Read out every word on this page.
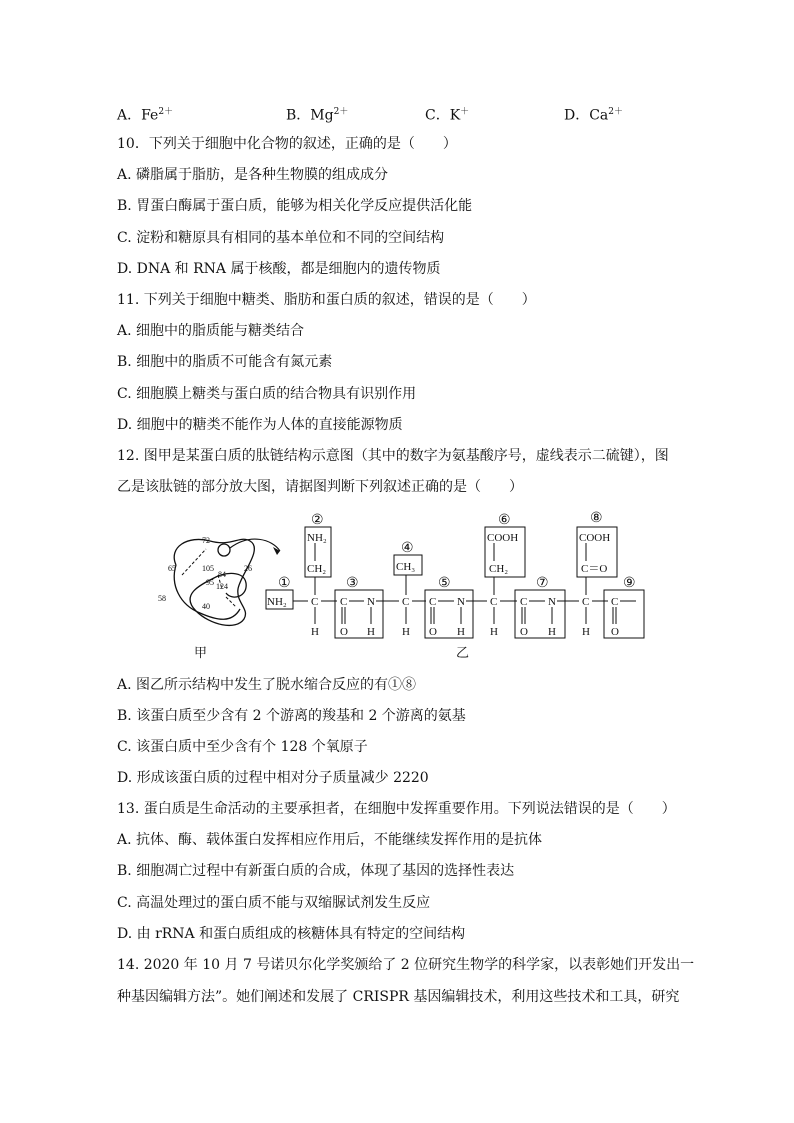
A．$Fe^{2+}$	B．$Mg^{2+}$	C．K＋	D．$Ca^{2+}$
10．下列关于细胞中化合物的叙述，正确的是（　　）
A. 磷脂属于脂肪，是各种生物膜的组成成分
B. 胃蛋白酶属于蛋白质，能够为相关化学反应提供活化能
C. 淀粉和糖原具有相同的基本单位和不同的空间结构
D. DNA 和 RNA 属于核酸，都是细胞内的遗传物质
11. 下列关于细胞中糖类、脂肪和蛋白质的叙述，错误的是（　　）
A. 细胞中的脂质能与糖类结合
B. 细胞中的脂质不可能含有氮元素
C. 细胞膜上糖类与蛋白质的结合物具有识别作用
D. 细胞中的糖类不能作为人体的直接能源物质
12. 图甲是某蛋白质的肽链结构示意图（其中的数字为氨基酸序号，虚线表示二硫键），图
乙是该肽链的部分放大图，请据图判断下列叙述正确的是（　　）
72
65	105
84
95 124
26
58
40
①
②
③
④
⑤
⑥
⑦
⑧
⑨
NH₂
NH₂
CH₂	CH₃
COOH
CH₂
COOH
C＝O
C
H
C
O
N
H
C
H
C
O
N
H
C
H
C
O
N
H
C
H
C
O
甲	乙
A. 图乙所示结构中发生了脱水缩合反应的有①⑧
B. 该蛋白质至少含有 2 个游离的羧基和 2 个游离的氨基
C. 该蛋白质中至少含有个 128 个氧原子
D. 形成该蛋白质的过程中相对分子质量减少 2220
13. 蛋白质是生命活动的主要承担者，在细胞中发挥重要作用。下列说法错误的是（　　）
A. 抗体、酶、载体蛋白发挥相应作用后，不能继续发挥作用的是抗体
B. 细胞凋亡过程中有新蛋白质的合成，体现了基因的选择性表达
C. 高温处理过的蛋白质不能与双缩脲试剂发生反应
D. 由 rRNA 和蛋白质组成的核糖体具有特定的空间结构
14. 2020 年 10 月 7 号诺贝尔化学奖颁给了 2 位研究生物学的科学家，以表彰她们开发出一
种基因编辑方法”。她们阐述和发展了 CRISPR 基因编辑技术，利用这些技术和工具，研究
